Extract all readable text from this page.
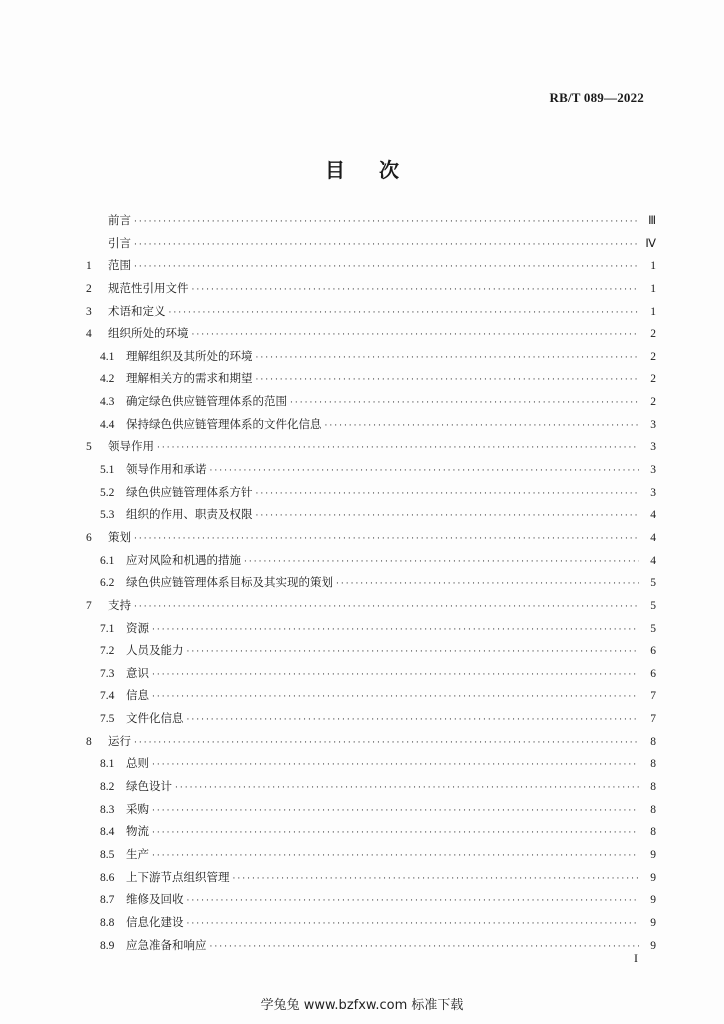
RB/T 089—2022
目次
前言 ·····	Ⅲ
引言 ·····	Ⅳ
1	范围 ·····	1
2	规范性引用文件 ·····	1
3	术语和定义 ·····	1
4	组织所处的环境 ·····	2
4.1	理解组织及其所处的环境 ·····	2
4.2	理解相关方的需求和期望 ·····	2
4.3	确定绿色供应链管理体系的范围 ·····	2
4.4	保持绿色供应链管理体系的文件化信息 ·····	3
5	领导作用 ·····	3
5.1	领导作用和承诺 ·····	3
5.2	绿色供应链管理体系方针 ·····	3
5.3	组织的作用、职责及权限 ·····	4
6	策划 ·····	4
6.1	应对风险和机遇的措施 ·····	4
6.2	绿色供应链管理体系目标及其实现的策划 ·····	5
7	支持 ·····	5
7.1	资源 ·····	5
7.2	人员及能力 ·····	6
7.3	意识 ·····	6
7.4	信息 ·····	7
7.5	文件化信息 ·····	7
8	运行 ·····	8
8.1	总则 ·····	8
8.2	绿色设计 ·····	8
8.3	采购 ·····	8
8.4	物流 ·····	8
8.5	生产 ·····	9
8.6	上下游节点组织管理 ·····	9
8.7	维修及回收 ·····	9
8.8	信息化建设 ·····	9
8.9	应急准备和响应 ·····	9
I
学兔兔 www.bzfxw.com 标准下载
